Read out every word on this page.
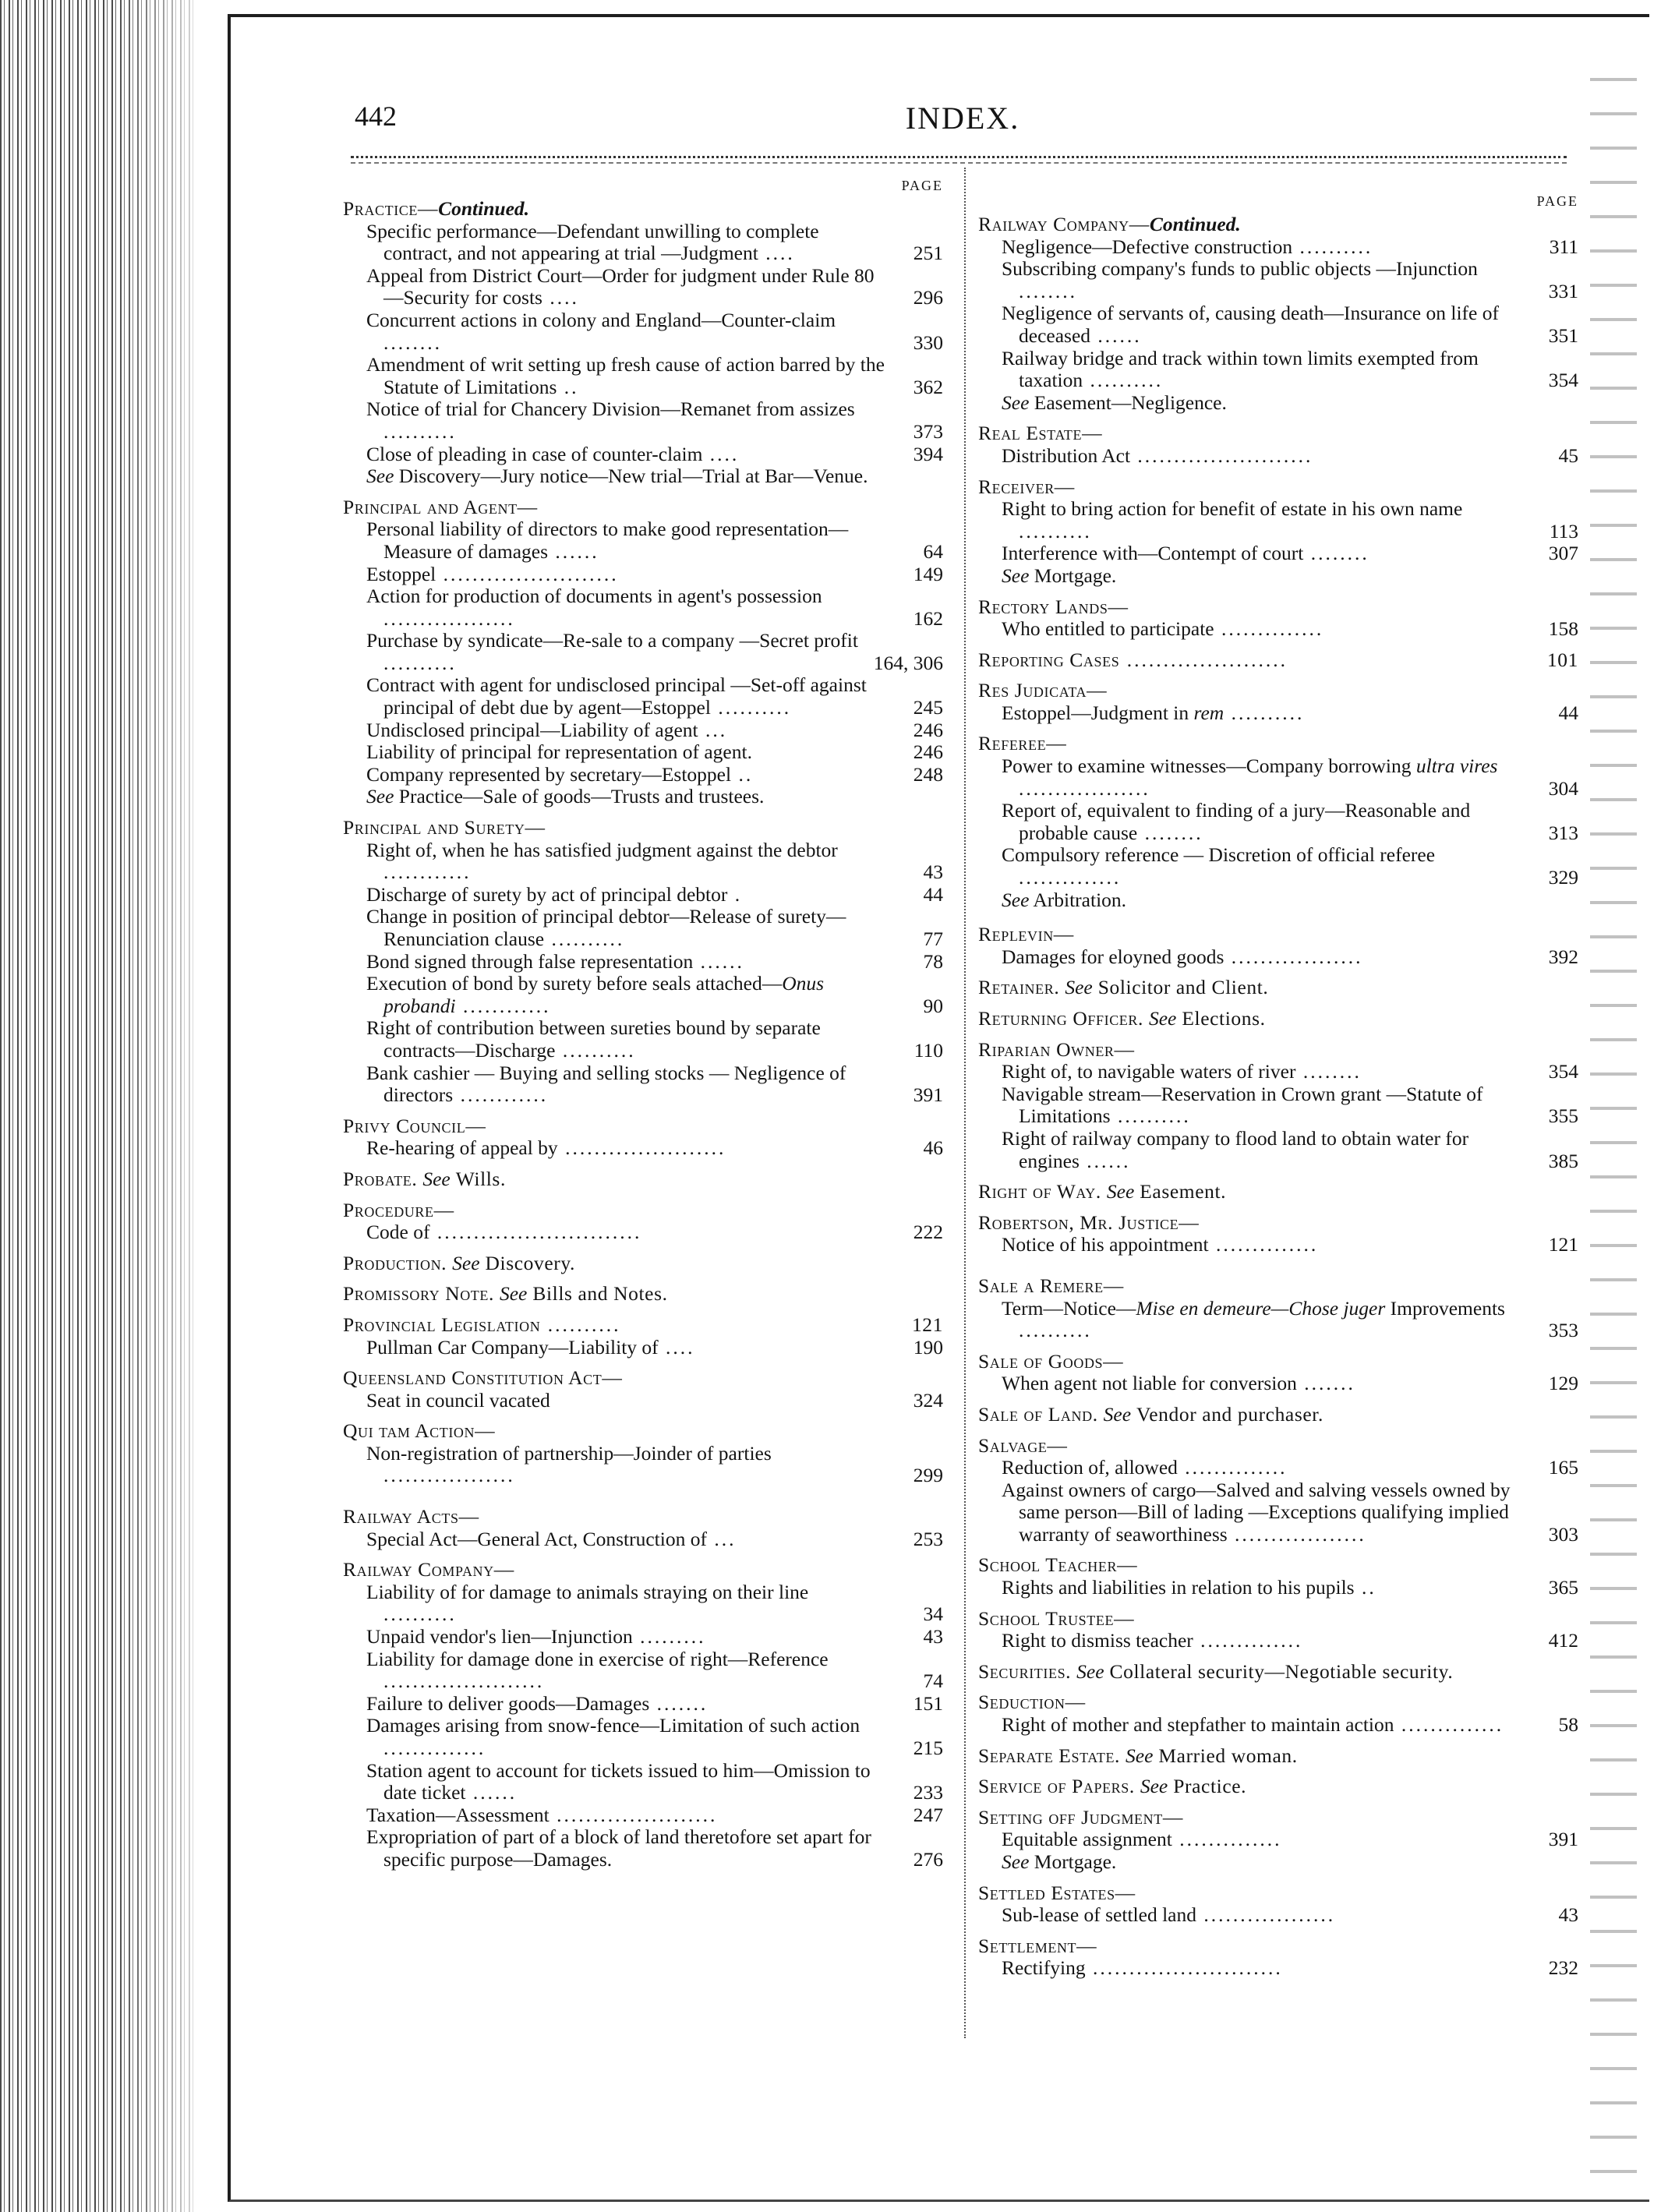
442	INDEX.
PAGE
Practice—Continued.
Specific performance—Defendant unwilling to complete contract, and not appearing at trial —Judgment ....	251
Appeal from District Court—Order for judgment under Rule 80—Security for costs ....	296
Concurrent actions in colony and England—Counter-claim ........	330
Amendment of writ setting up fresh cause of action barred by the Statute of Limitations ..	362
Notice of trial for Chancery Division—Remanet from assizes ..........	373
Close of pleading in case of counter-claim ....	394
See Discovery—Jury notice—New trial—Trial at Bar—Venue.
Principal and Agent—
Personal liability of directors to make good representation—Measure of damages ......	64
Estoppel ........................	149
Action for production of documents in agent's possession ..................	162
Purchase by syndicate—Re-sale to a company —Secret profit ..........	164, 306
Contract with agent for undisclosed principal —Set-off against principal of debt due by agent—Estoppel ..........	245
Undisclosed principal—Liability of agent ...	246
Liability of principal for representation of agent.	246
Company represented by secretary—Estoppel ..	248
See Practice—Sale of goods—Trusts and trustees.
Principal and Surety—
Right of, when he has satisfied judgment against the debtor ............	43
Discharge of surety by act of principal debtor .	44
Change in position of principal debtor—Release of surety—Renunciation clause ..........	77
Bond signed through false representation ......	78
Execution of bond by surety before seals attached—Onus probandi ............	90
Right of contribution between sureties bound by separate contracts—Discharge ..........	110
Bank cashier — Buying and selling stocks — Negligence of directors ............	391
Privy Council—
Re-hearing of appeal by ......................	46
Probate. See Wills.
Procedure—
Code of ............................	222
Production. See Discovery.
Promissory Note. See Bills and Notes.
Provincial Legislation ..........	121
Pullman Car Company—Liability of ....	190
Queensland Constitution Act—
Seat in council vacated	324
Qui tam Action—
Non-registration of partnership—Joinder of parties ..................	299
Railway Acts—
Special Act—General Act, Construction of ...	253
Railway Company—
Liability of for damage to animals straying on their line ..........	34
Unpaid vendor's lien—Injunction .........	43
Liability for damage done in exercise of right—Reference ......................	74
Failure to deliver goods—Damages .......	151
Damages arising from snow-fence—Limitation of such action ..............	215
Station agent to account for tickets issued to him—Omission to date ticket ......	233
Taxation—Assessment ......................	247
Expropriation of part of a block of land theretofore set apart for specific purpose—Damages.	276
PAGE
Railway Company—Continued.
Negligence—Defective construction ..........	311
Subscribing company's funds to public objects —Injunction ........	331
Negligence of servants of, causing death—Insurance on life of deceased ......	351
Railway bridge and track within town limits exempted from taxation ..........	354
See Easement—Negligence.
Real Estate—
Distribution Act ........................	45
Receiver—
Right to bring action for benefit of estate in his own name ..........	113
Interference with—Contempt of court ........	307
See Mortgage.
Rectory Lands—
Who entitled to participate ..............	158
Reporting Cases ......................	101
Res Judicata—
Estoppel—Judgment in rem ..........	44
Referee—
Power to examine witnesses—Company borrowing ultra vires ..................	304
Report of, equivalent to finding of a jury—Reasonable and probable cause ........	313
Compulsory reference — Discretion of official referee ..............	329
See Arbitration.
Replevin—
Damages for eloyned goods ..................	392
Retainer. See Solicitor and Client.
Returning Officer. See Elections.
Riparian Owner—
Right of, to navigable waters of river ........	354
Navigable stream—Reservation in Crown grant —Statute of Limitations ..........	355
Right of railway company to flood land to obtain water for engines ......	385
Right of Way. See Easement.
Robertson, Mr. Justice—
Notice of his appointment ..............	121
Sale a Remere—
Term—Notice—Mise en demeure—Chose juger Improvements ..........	353
Sale of Goods—
When agent not liable for conversion .......	129
Sale of Land. See Vendor and purchaser.
Salvage—
Reduction of, allowed ..............	165
Against owners of cargo—Salved and salving vessels owned by same person—Bill of lading —Exceptions qualifying implied warranty of seaworthiness ..................	303
School Teacher—
Rights and liabilities in relation to his pupils ..	365
School Trustee—
Right to dismiss teacher ..............	412
Securities. See Collateral security—Negotiable security.
Seduction—
Right of mother and stepfather to maintain action ..............	58
Separate Estate. See Married woman.
Service of Papers. See Practice.
Setting off Judgment—
Equitable assignment ..............	391
See Mortgage.
Settled Estates—
Sub-lease of settled land ..................	43
Settlement—
Rectifying ..........................	232
